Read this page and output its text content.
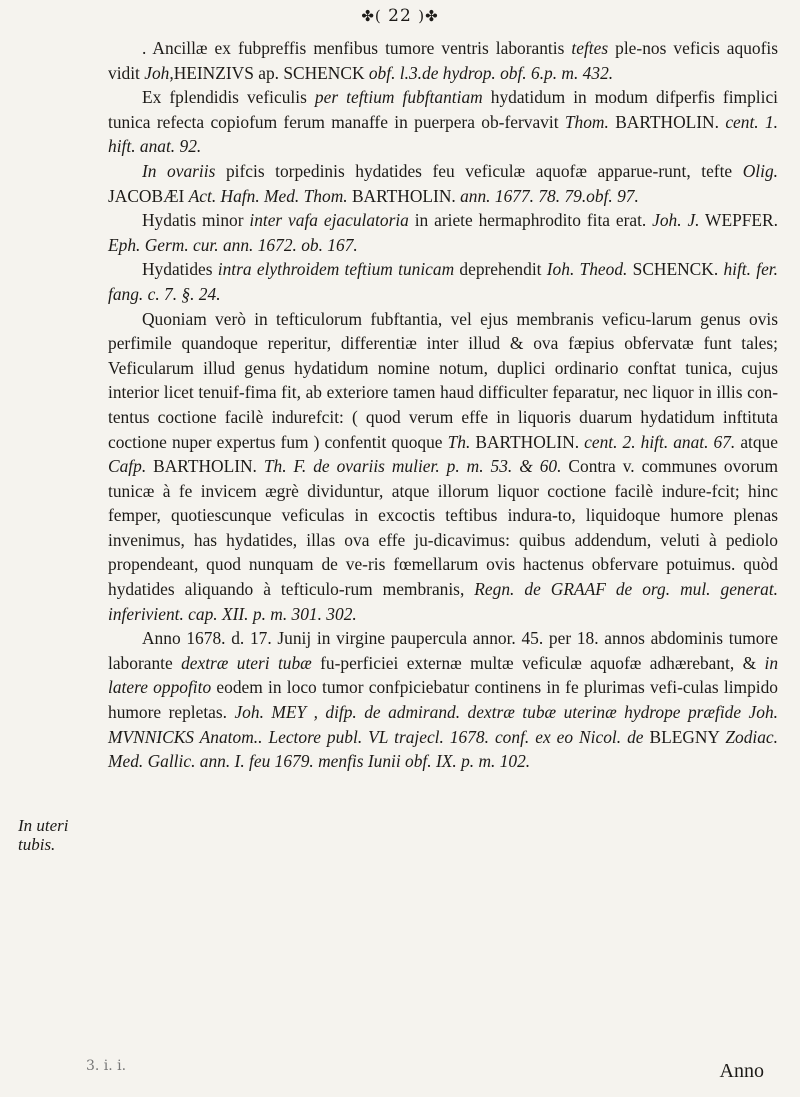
✤( 22 )✤

. Ancillæ ex fubpreffis menfibus tumore ventris laborantis teftes ple-nos veficis aquofis vidit Joh,HEINZIVS ap. SCHENCK obf. l.3.de hydrop. obf. 6.p. m. 432.

Ex fplendidis veficulis per teftium fubftantiam hydatidum in modum difperfis fimplici tunica refecta copiofum ferum manaffe in puerpera ob-fervavit Thom. BARTHOLIN. cent. 1. hift. anat. 92.

In ovariis pifcis torpedinis hydatides feu veficulæ aquofæ apparue-runt, tefte Olig. JACOBÆI Act. Hafn. Med. Thom. BARTHOLIN. ann. 1677. 78. 79.obf. 97.

Hydatis minor inter vafa ejaculatoria in ariete hermaphrodito fita erat. Joh. J. WEPFER. Eph. Germ. cur. ann. 1672. ob. 167.

Hydatides intra elythroidem teftium tunicam deprehendit Ioh. Theod. SCHENCK. hift. fer. fang. c. 7. §. 24.

Quoniam verò in tefticulorum fubftantia, vel ejus membranis veficu-larum genus ovis perfimile quandoque reperitur, differentiæ inter illud & ova fæpius obfervatæ funt tales; Veficularum illud genus hydatidum nomine notum, duplici ordinario conftat tunica, cujus interior licet tenuif-fima fit, ab exteriore tamen haud difficulter feparatur, nec liquor in illis con-tentus coctione facilè indurefcit: ( quod verum effe in liquoris duarum hydatidum inftituta coctione nuper expertus fum ) confentit quoque Th. BARTHOLIN. cent. 2. hift. anat. 67. atque Cafp. BARTHOLIN. Th. F. de ovariis mulier. p. m. 53. & 60. Contra v. communes ovorum tunicæ à fe invicem ægrè dividuntur, atque illorum liquor coctione facilè indure-fcit; hinc femper, quotiescunque veficulas in excoctis teftibus indura-to, liquidoque humore plenas invenimus, has hydatides, illas ova effe ju-dicavimus: quibus addendum, veluti à pediolo propendeant, quod nunquam de ve-ris fœmellarum ovis hactenus obfervare potuimus. quòd hydatides aliquando à tefticulo-rum membranis, Regn. de GRAAF de org. mul. generat. inferivient. cap. XII. p. m. 301. 302.

Anno 1678. d. 17. Junij in virgine paupercula annor. 45. per 18. annos abdominis tumore laborante dextræ uteri tubæ fu-perficiei externæ multæ veficulæ aquofæ adhærebant, & in latere oppofito eodem in loco tumor confpiciebatur continens in fe plurimas vefi-culas limpido humore repletas. Joh. MEY , difp. de admirand. dextræ tubæ uterinæ hydrope præfide Joh. MVNNICKS Anatom.. Lectore publ. VL trajecl. 1678. conf. ex eo Nicol. de BLEGNY Zodiac. Med. Gallic. ann. I. feu 1679. menfis Iunii obf. IX. p. m. 102.

In uteri tubis.
3. i. i.	Anno
